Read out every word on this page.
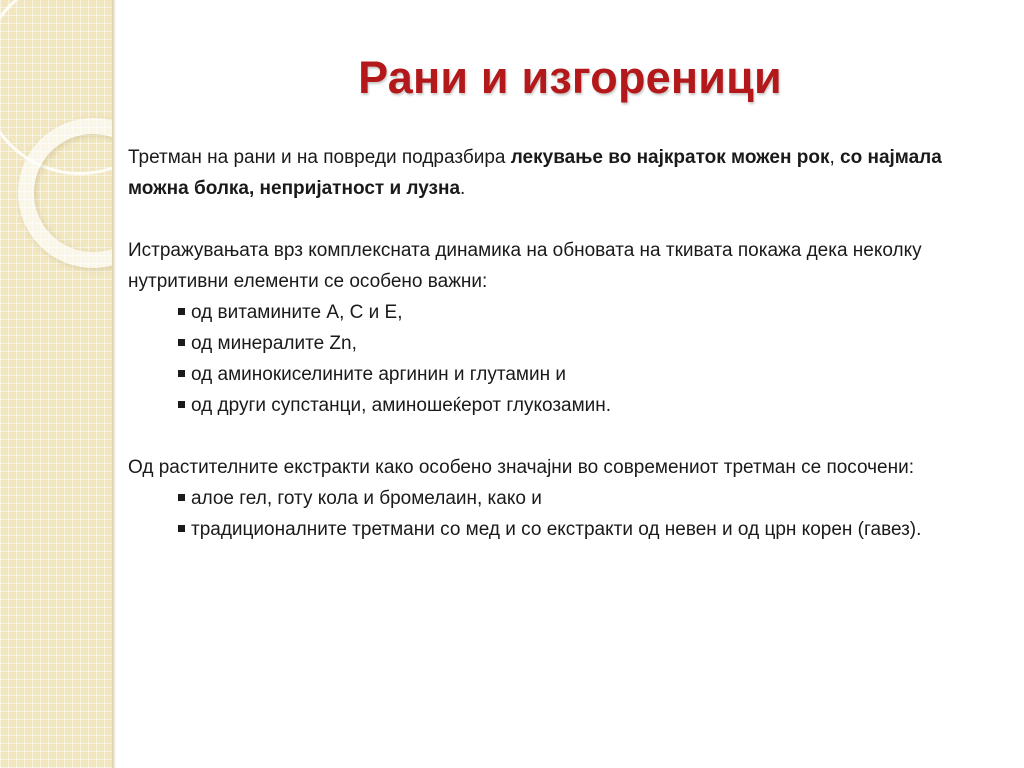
Рани и изгореници

Третман на рани и на повреди подразбира лекување во најкраток можен рок, со најмала можна болка, непријатност и лузна.

Истражувањата врз комплексната динамика на обновата на ткивата покажа дека неколку нутритивни елементи се особено важни:

од витамините А, С и Е,
од минералите Zn,
од аминокиселините аргинин и глутамин и
од други супстанци, аминошеќерот глукозамин.

Од растителните екстракти како особено значајни во современиот третман се посочени:

алое гел, готу кола и бромелаин, како и
традиционалните третмани со мед и со екстракти од невен и од црн корен (гавез).
